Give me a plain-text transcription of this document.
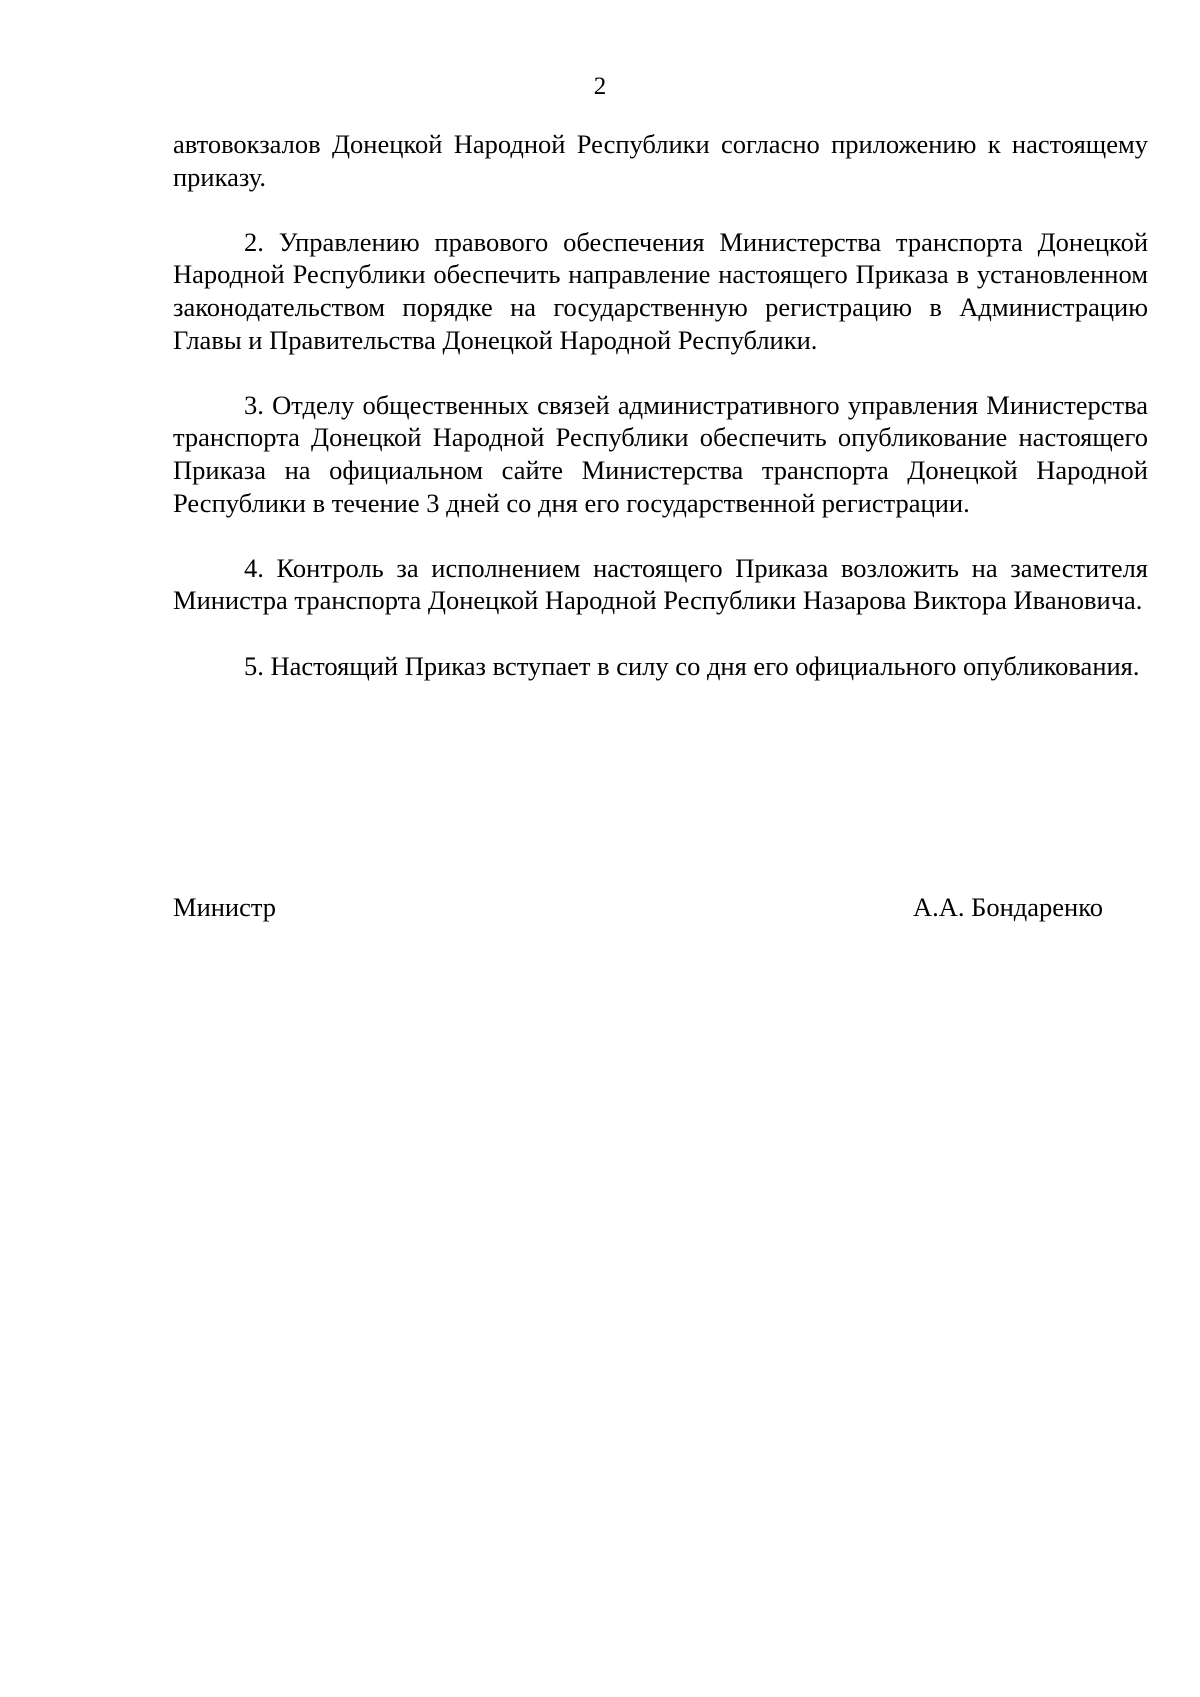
2

автовокзалов Донецкой Народной Республики согласно приложению к настоящему приказу.

2. Управлению правового обеспечения Министерства транспорта Донецкой Народной Республики обеспечить направление настоящего Приказа в установленном законодательством порядке на государственную регистрацию в Администрацию Главы и Правительства Донецкой Народной Республики.

3. Отделу общественных связей административного управления Министерства транспорта Донецкой Народной Республики обеспечить опубликование настоящего Приказа на официальном сайте Министерства транспорта Донецкой Народной Республики в течение 3 дней со дня его государственной регистрации.

4. Контроль за исполнением настоящего Приказа возложить на заместителя Министра транспорта Донецкой Народной Республики Назарова Виктора Ивановича.

5. Настоящий Приказ вступает в силу со дня его официального опубликования.

Министр	А.А. Бондаренко
